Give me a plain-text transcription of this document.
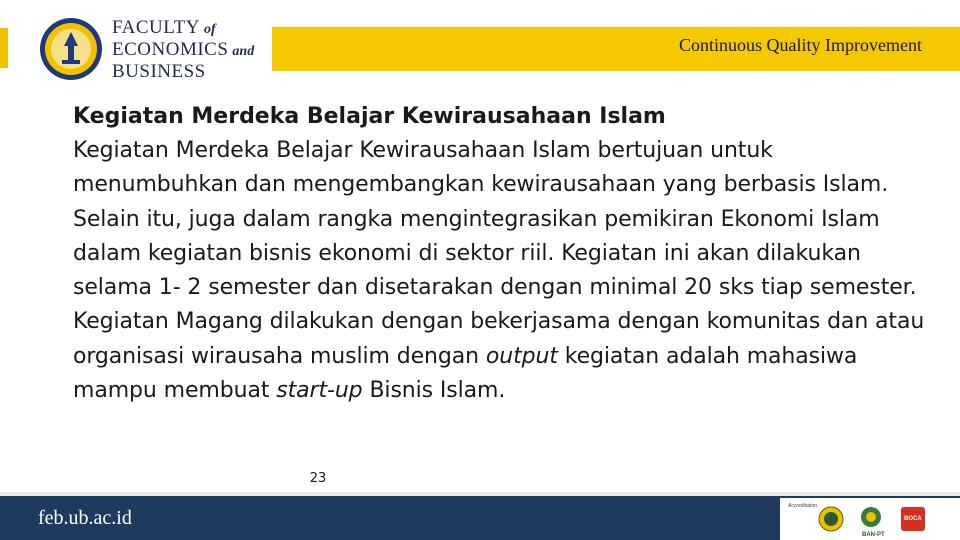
FACULTY of
ECONOMICS and
BUSINESS
Continuous Quality Improvement

Kegiatan Merdeka Belajar Kewirausahaan Islam

Kegiatan Merdeka Belajar Kewirausahaan Islam bertujuan untuk menumbuhkan dan mengembangkan kewirausahaan yang berbasis Islam. Selain itu, juga dalam rangka mengintegrasikan pemikiran Ekonomi Islam dalam kegiatan bisnis ekonomi di sektor riil. Kegiatan ini akan dilakukan selama 1- 2 semester dan disetarakan dengan minimal 20 sks tiap semester. Kegiatan Magang dilakukan dengan bekerjasama dengan komunitas dan atau organisasi wirausaha muslim dengan output kegiatan adalah mahasiwa mampu membuat start-up Bisnis Islam.

23
feb.ub.ac.id
Accreditation
BAN-PT
BOCA
